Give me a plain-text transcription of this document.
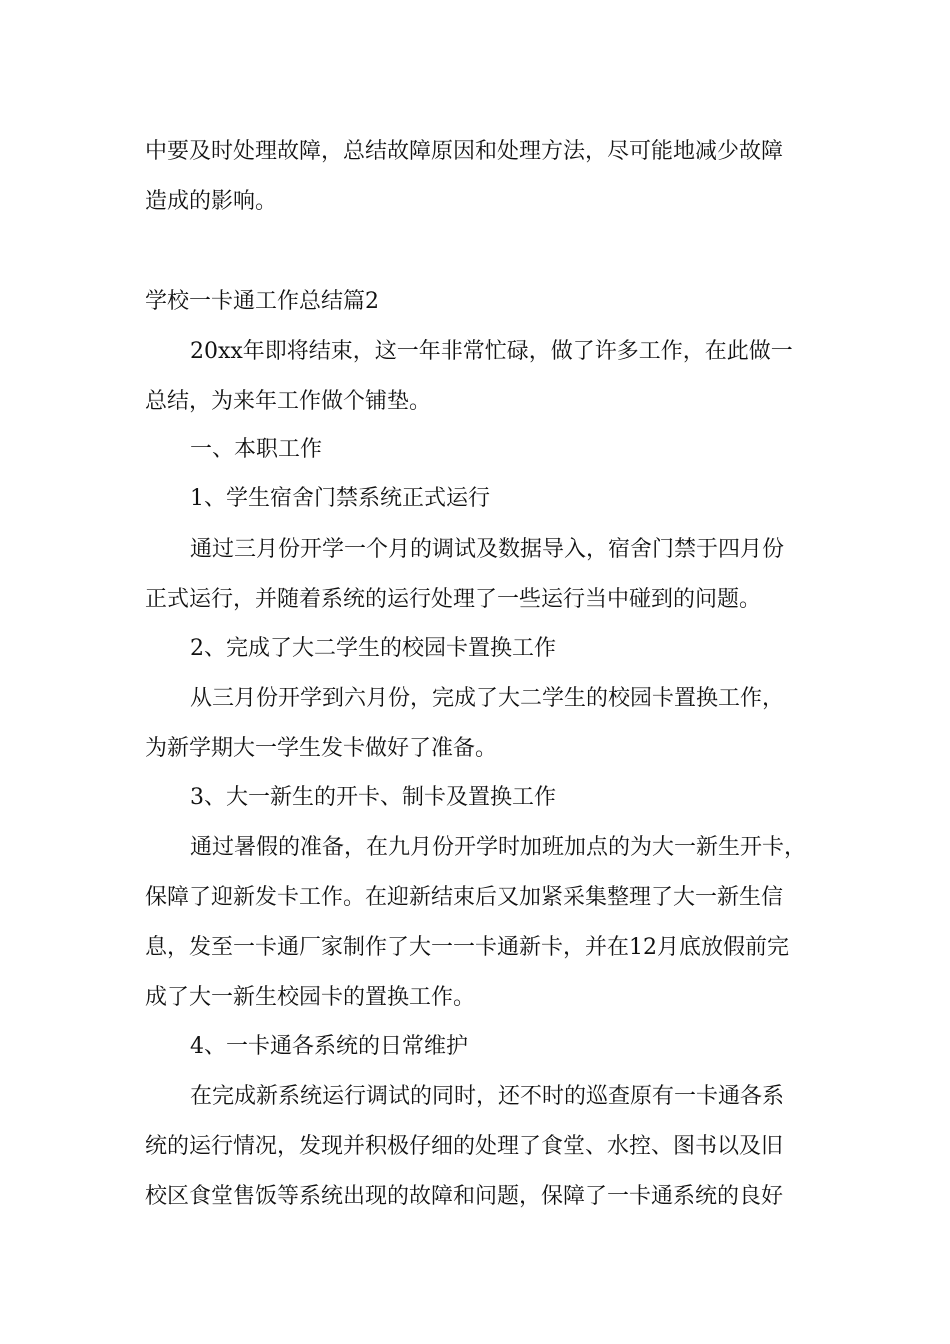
中要及时处理故障，总结故障原因和处理方法，尽可能地减少故障
造成的影响。
学校一卡通工作总结篇2
20xx年即将结束，这一年非常忙碌，做了许多工作，在此做一
总结，为来年工作做个铺垫。
一、本职工作
1、学生宿舍门禁系统正式运行
通过三月份开学一个月的调试及数据导入，宿舍门禁于四月份
正式运行，并随着系统的运行处理了一些运行当中碰到的问题。
2、完成了大二学生的校园卡置换工作
从三月份开学到六月份，完成了大二学生的校园卡置换工作，
为新学期大一学生发卡做好了准备。
3、大一新生的开卡、制卡及置换工作
通过暑假的准备，在九月份开学时加班加点的为大一新生开卡，
保障了迎新发卡工作。在迎新结束后又加紧采集整理了大一新生信
息，发至一卡通厂家制作了大一一卡通新卡，并在12月底放假前完
成了大一新生校园卡的置换工作。
4、一卡通各系统的日常维护
在完成新系统运行调试的同时，还不时的巡查原有一卡通各系
统的运行情况，发现并积极仔细的处理了食堂、水控、图书以及旧
校区食堂售饭等系统出现的故障和问题，保障了一卡通系统的良好
